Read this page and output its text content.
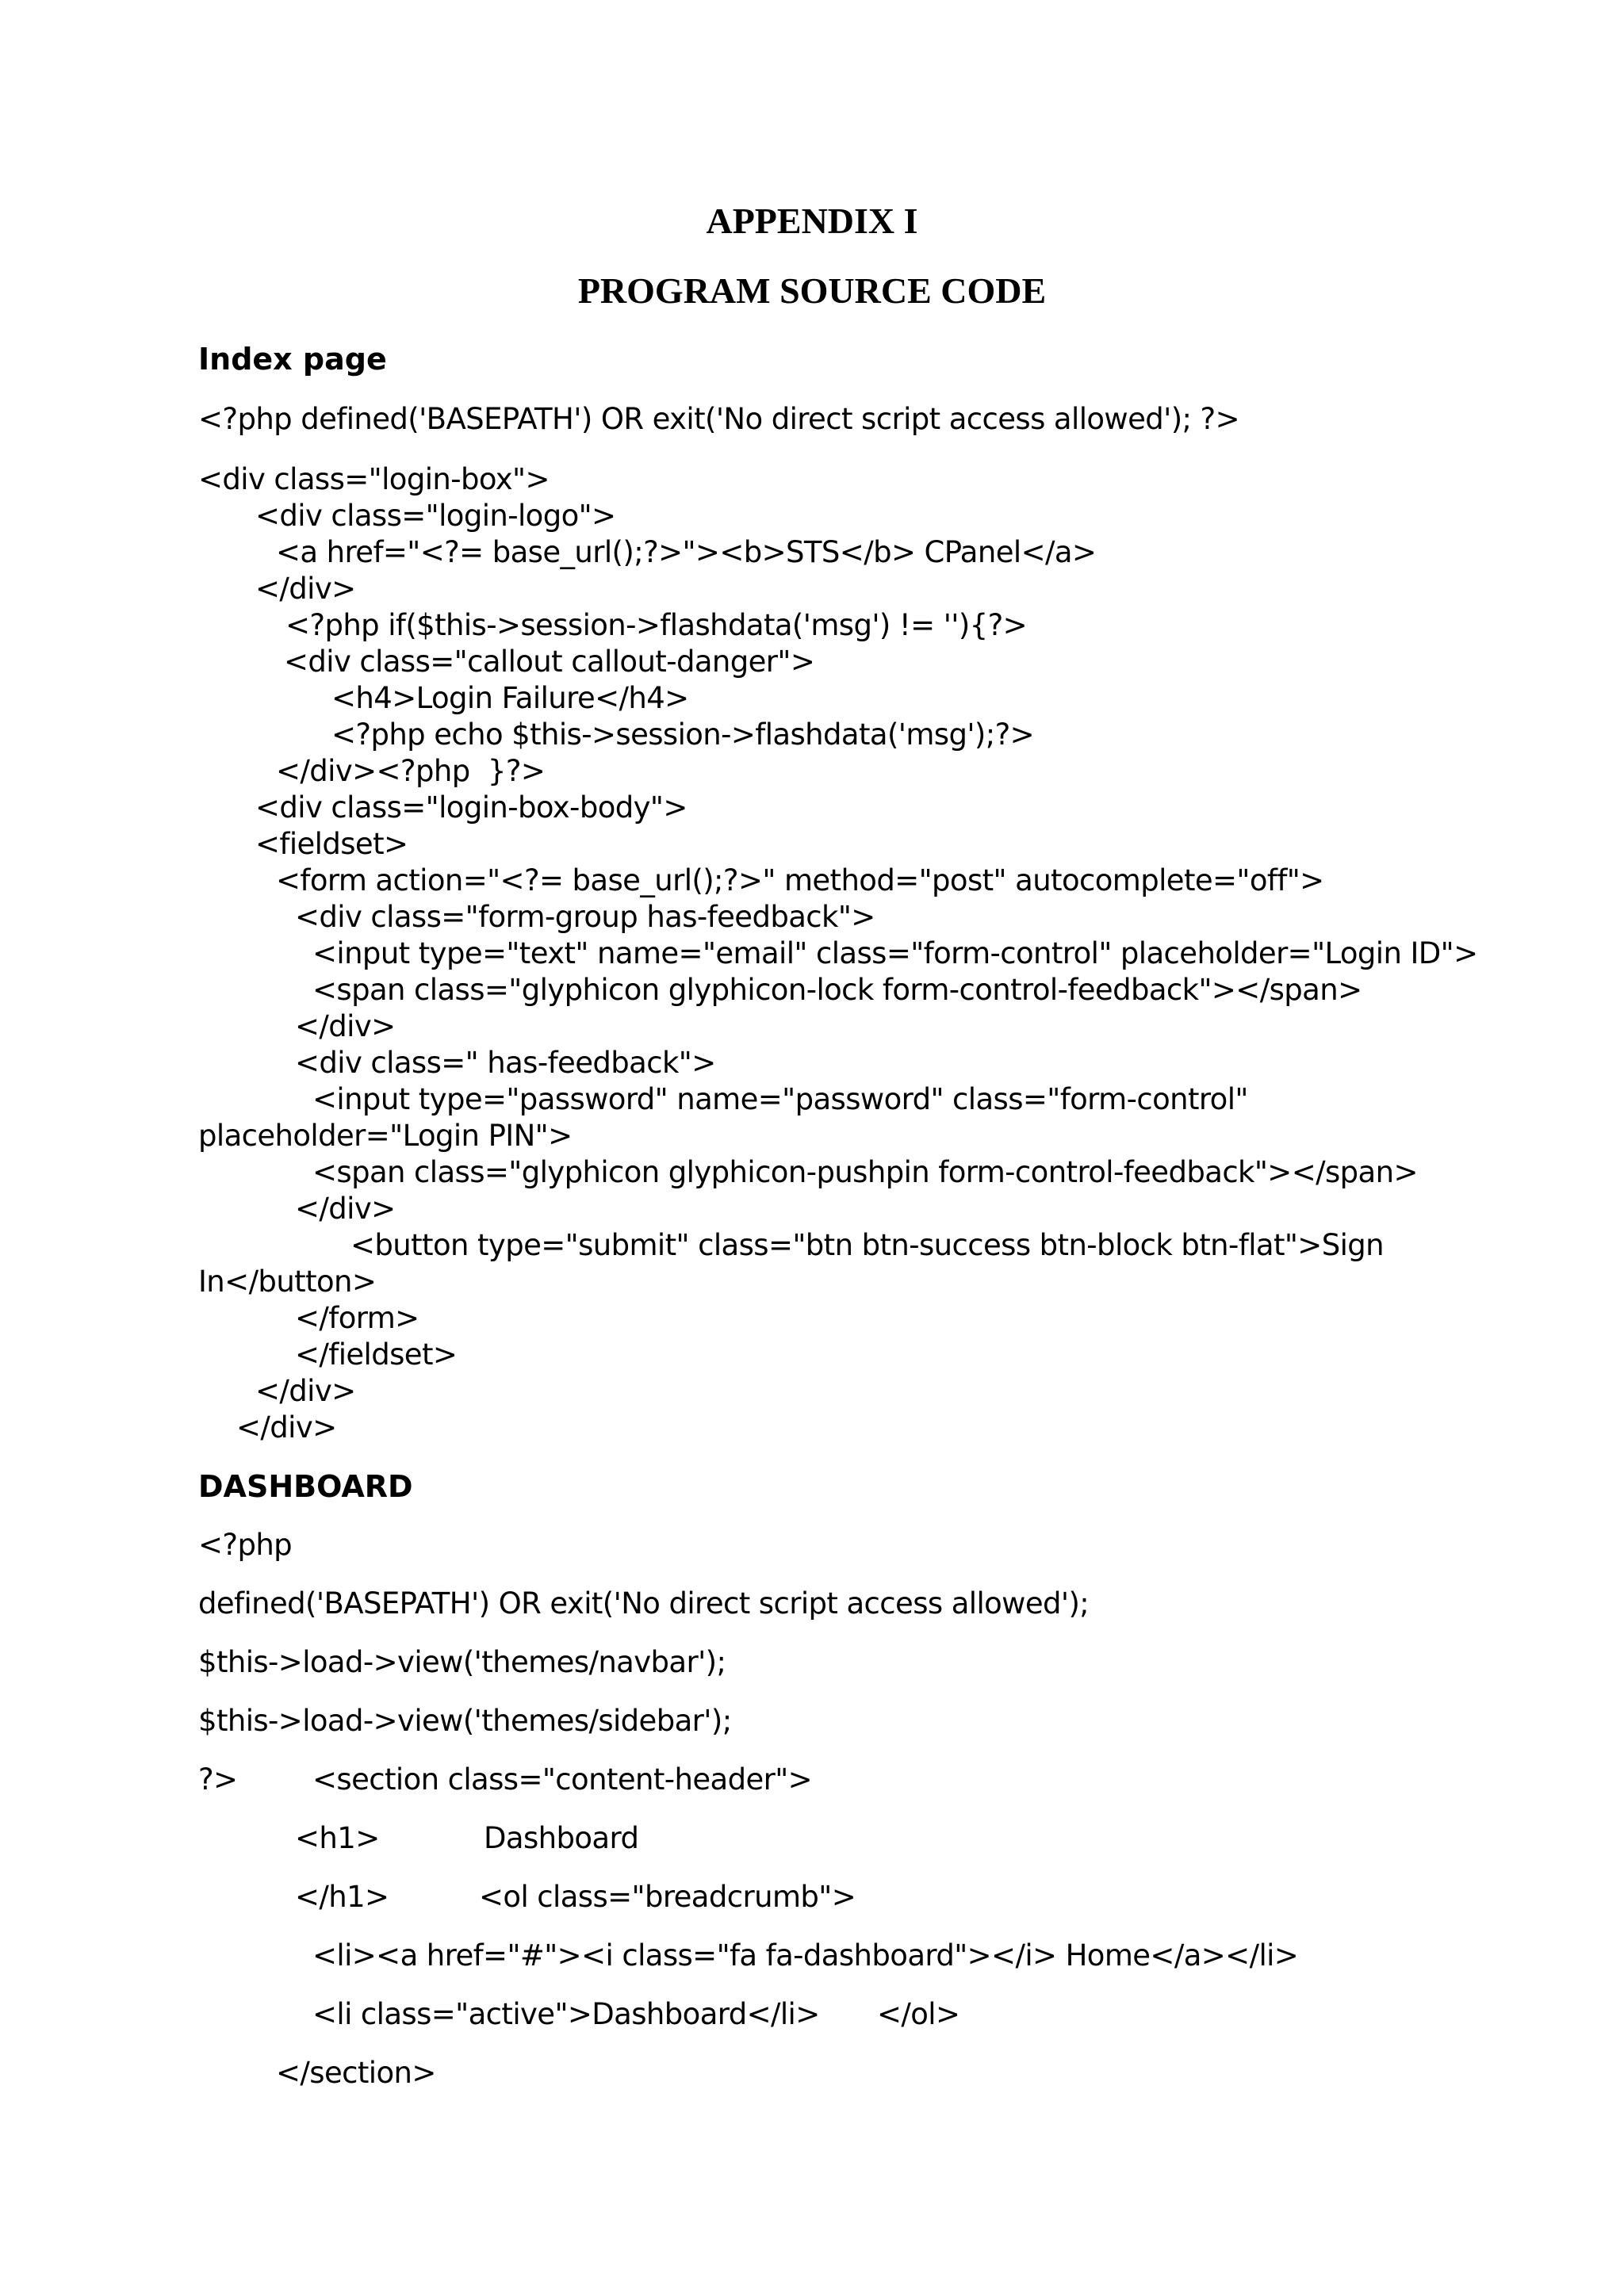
APPENDIX I
PROGRAM SOURCE CODE
Index page
<?php defined('BASEPATH') OR exit('No direct script access allowed'); ?>
<div class="login-box">
<div class="login-logo">
<a href="<?= base_url();?>"><b>STS</b> CPanel</a>
</div>
<?php if($this->session->flashdata('msg') != ''){?>
<div class="callout callout-danger">
<h4>Login Failure</h4>
<?php echo $this->session->flashdata('msg');?>
</div><?php  }?>
<div class="login-box-body">
<fieldset>
<form action="<?= base_url();?>" method="post" autocomplete="off">
<div class="form-group has-feedback">
<input type="text" name="email" class="form-control" placeholder="Login ID">
<span class="glyphicon glyphicon-lock form-control-feedback"></span>
</div>
<div class=" has-feedback">
<input type="password" name="password" class="form-control"
placeholder="Login PIN">
<span class="glyphicon glyphicon-pushpin form-control-feedback"></span>
</div>
<button type="submit" class="btn btn-success btn-block btn-flat">Sign
In</button>
</form>
</fieldset>
</div>
</div>
DASHBOARD
<?php
defined('BASEPATH') OR exit('No direct script access allowed');
$this->load->view('themes/navbar');
$this->load->view('themes/sidebar');
?>	<section class="content-header">
<h1>	Dashboard
</h1>	<ol class="breadcrumb">
<li><a href="#"><i class="fa fa-dashboard"></i> Home</a></li>
<li class="active">Dashboard</li> </ol>
</section>
